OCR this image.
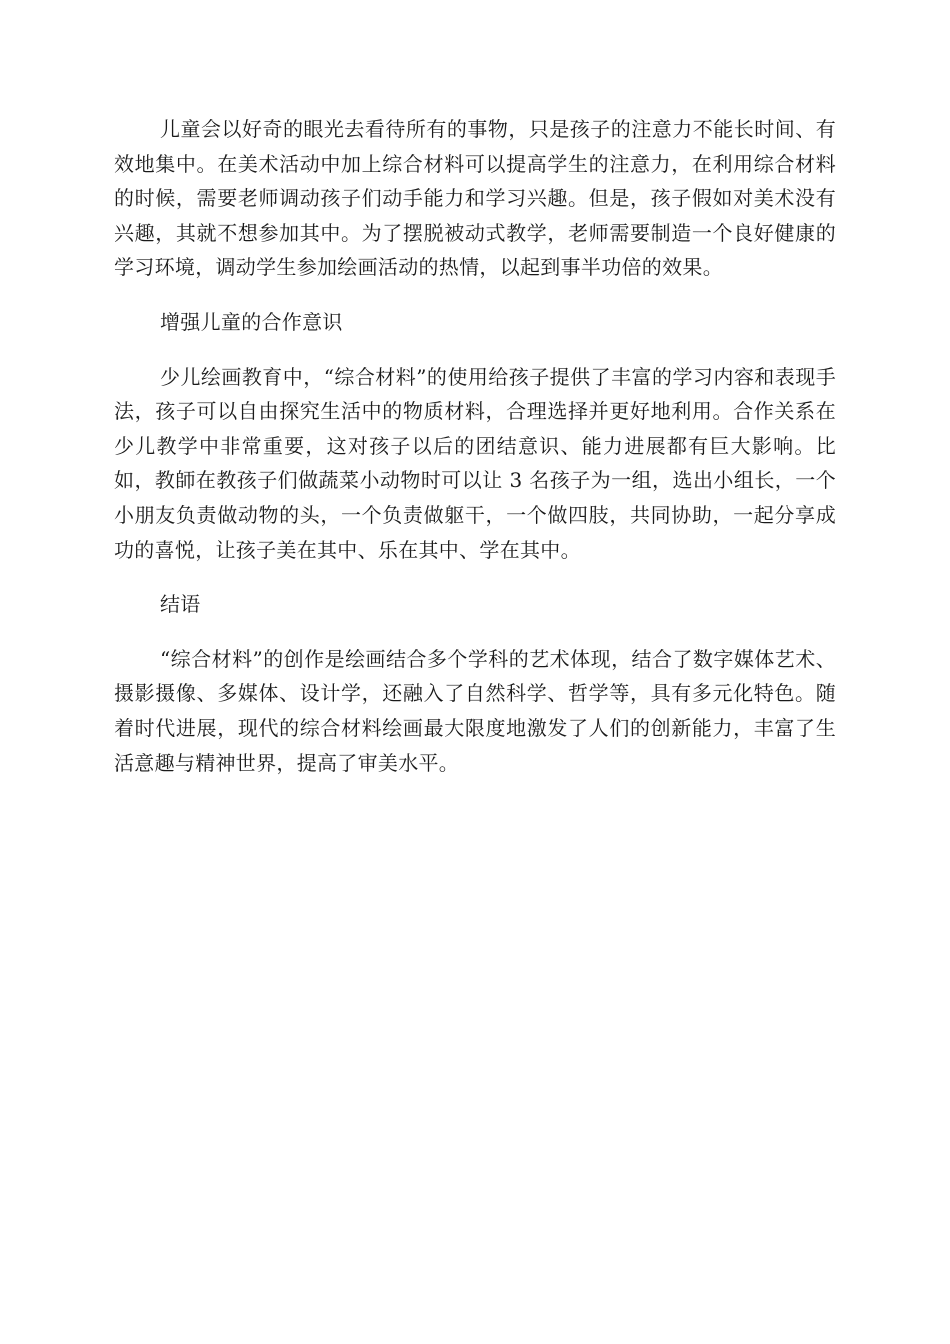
儿童会以好奇的眼光去看待所有的事物，只是孩子的注意力不能长时间、有效地集中。在美术活动中加上综合材料可以提高学生的注意力，在利用综合材料的时候，需要老师调动孩子们动手能力和学习兴趣。但是，孩子假如对美术没有兴趣，其就不想参加其中。为了摆脱被动式教学，老师需要制造一个良好健康的学习环境，调动学生参加绘画活动的热情，以起到事半功倍的效果。

增强儿童的合作意识

少儿绘画教育中，“综合材料”的使用给孩子提供了丰富的学习内容和表现手法，孩子可以自由探究生活中的物质材料，合理选择并更好地利用。合作关系在少儿教学中非常重要，这对孩子以后的团结意识、能力进展都有巨大影响。比如，教師在教孩子们做蔬菜小动物时可以让 3 名孩子为一组，选出小组长，一个小朋友负责做动物的头，一个负责做躯干，一个做四肢，共同协助，一起分享成功的喜悦，让孩子美在其中、乐在其中、学在其中。

结语

“综合材料”的创作是绘画结合多个学科的艺术体现，结合了数字媒体艺术、摄影摄像、多媒体、设计学，还融入了自然科学、哲学等，具有多元化特色。随着时代进展，现代的综合材料绘画最大限度地激发了人们的创新能力，丰富了生活意趣与精神世界，提高了审美水平。
